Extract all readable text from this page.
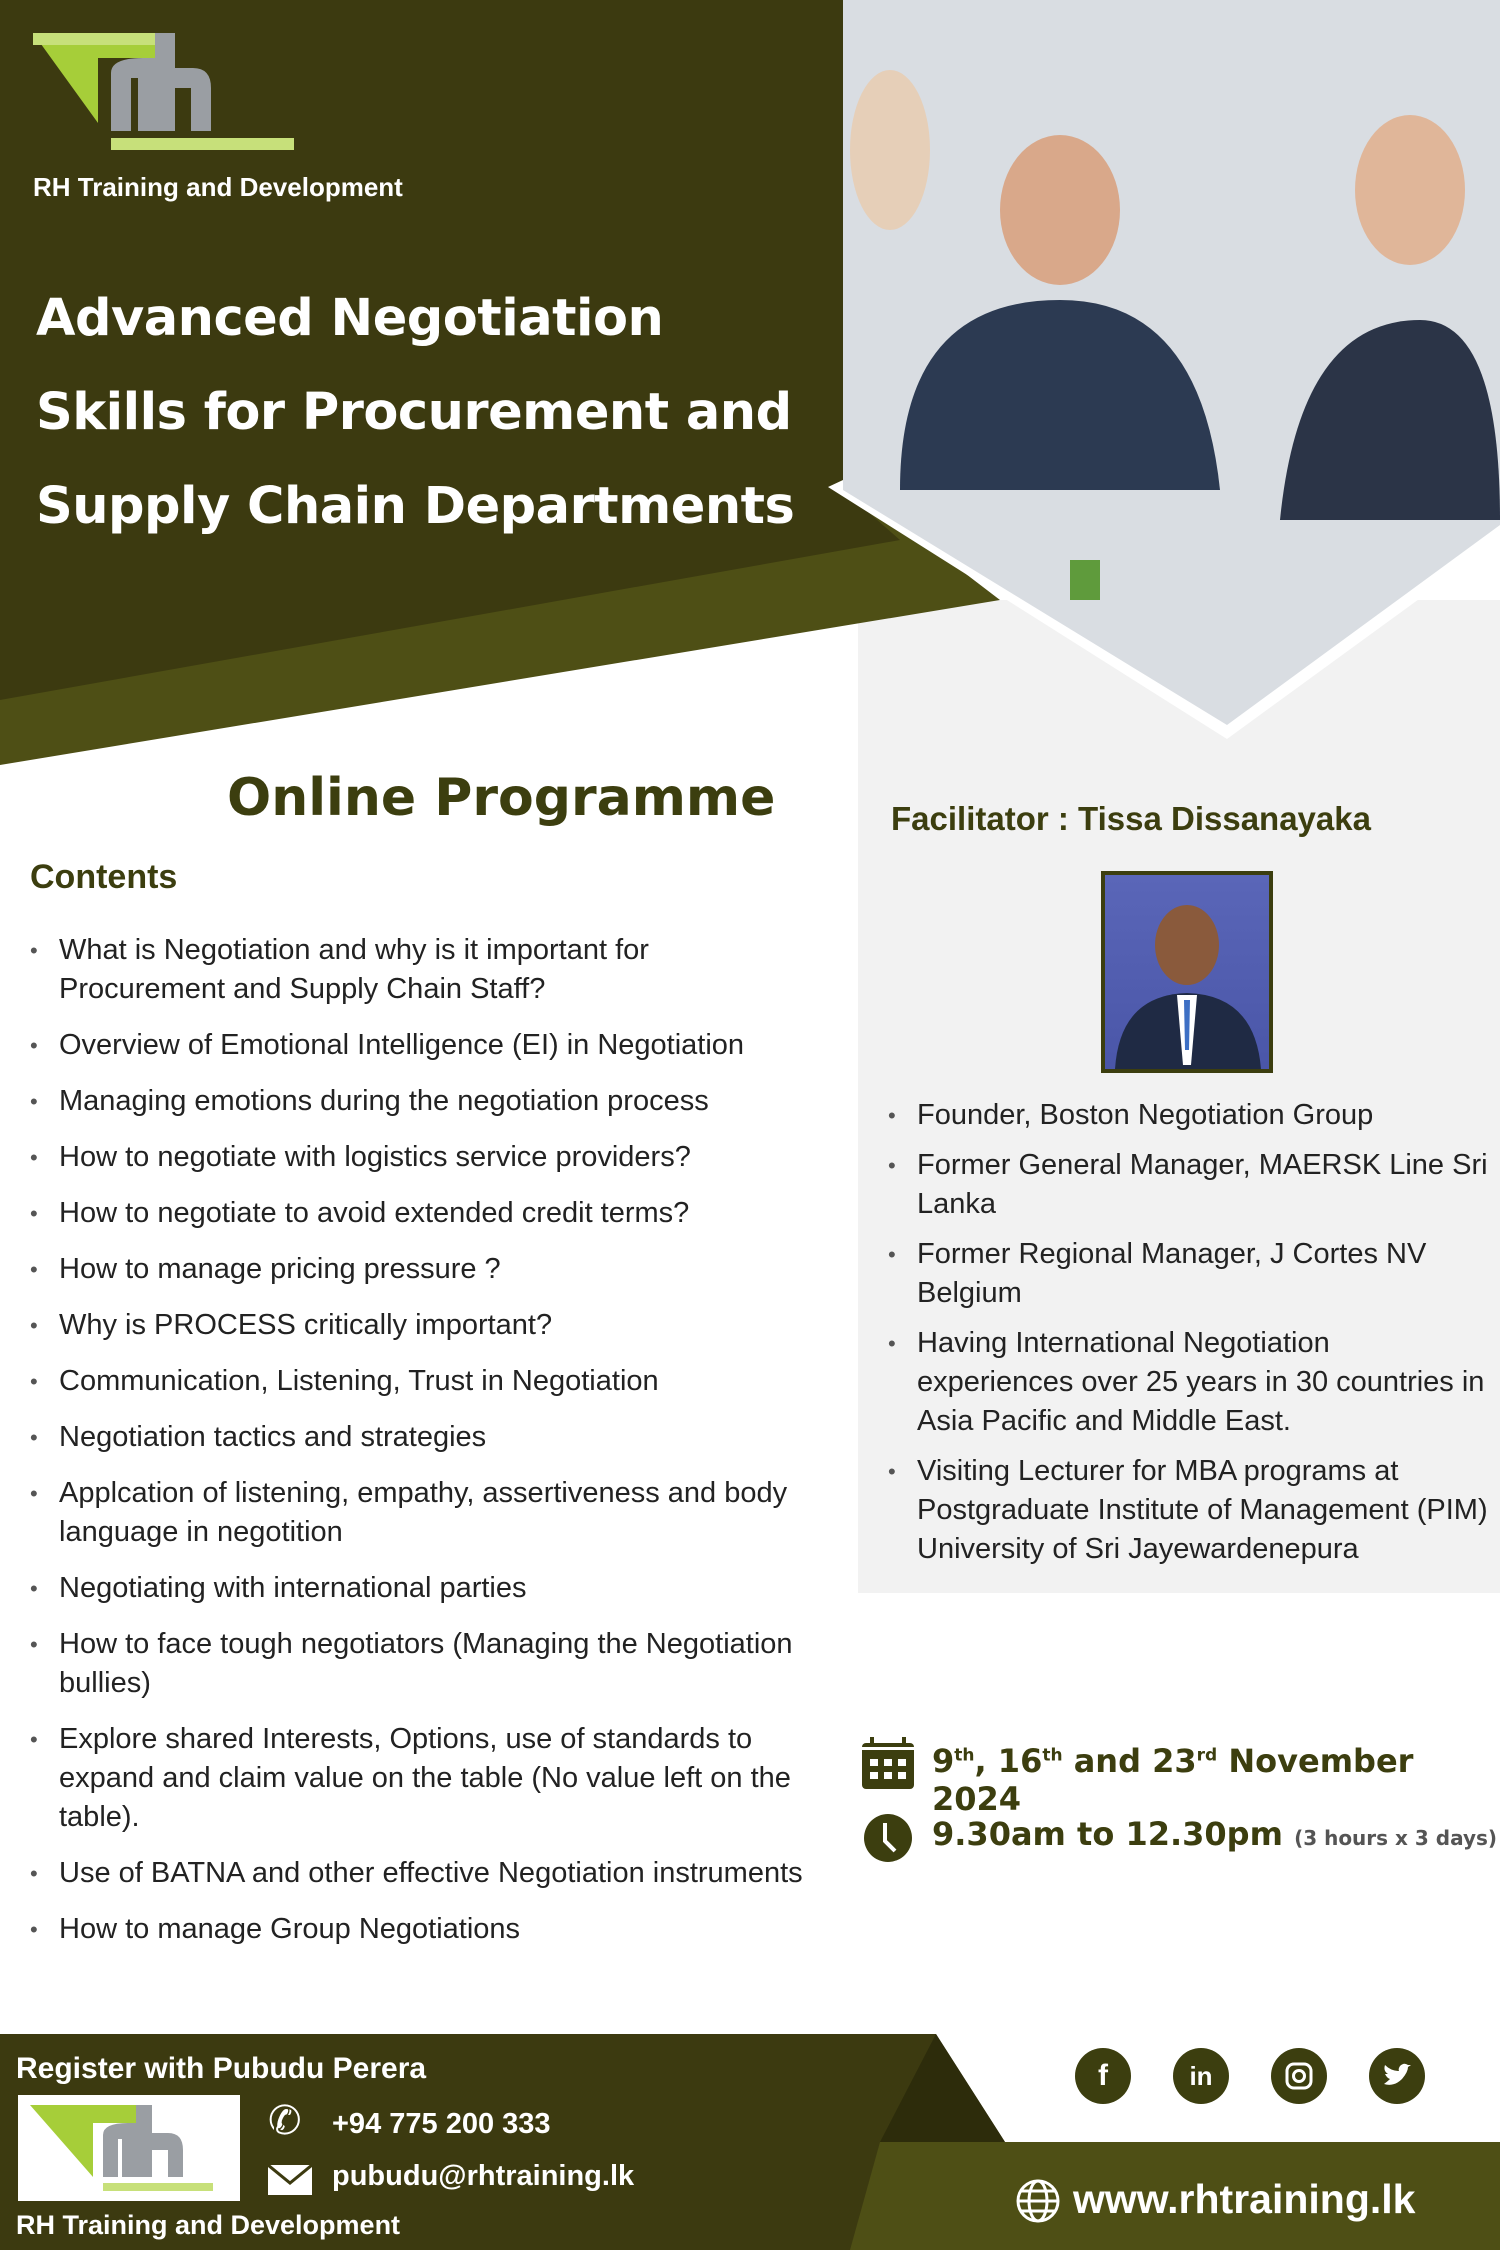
RH Training and Development
Advanced Negotiation
Skills for Procurement and
Supply Chain Departments
Online Programme
Contents
• What is Negotiation and why is it important for Procurement and Supply Chain Staff?
• Overview of Emotional Intelligence (EI) in Negotiation
• Managing emotions during the negotiation process
• How to negotiate with logistics service providers?
• How to negotiate to avoid extended credit terms?
• How to manage pricing pressure ?
• Why is PROCESS critically important?
• Communication, Listening, Trust in Negotiation
• Negotiation tactics and strategies
• Applcation of listening, empathy, assertiveness and body language in negotition
• Negotiating with international parties
• How to face tough negotiators (Managing the Negotiation bullies)
• Explore shared Interests, Options, use of standards to expand and claim value on the table (No value left on the table).
• Use of BATNA and other effective Negotiation instruments
• How to manage Group Negotiations
Facilitator : Tissa Dissanayaka
• Founder, Boston Negotiation Group
• Former General Manager, MAERSK Line Sri Lanka
• Former Regional Manager, J Cortes NV Belgium
• Having International Negotiation experiences over 25 years in 30 countries in Asia Pacific and Middle East.
• Visiting Lecturer for MBA programs at Postgraduate Institute of Management (PIM) University of Sri Jayewardenepura
9th, 16th and 23rd November 2024
9.30am to 12.30pm (3 hours x 3 days)
Register with Pubudu Perera
✆ +94 775 200 333
pubudu@rhtraining.lk
RH Training and Development
f	in
www.rhtraining.lk
